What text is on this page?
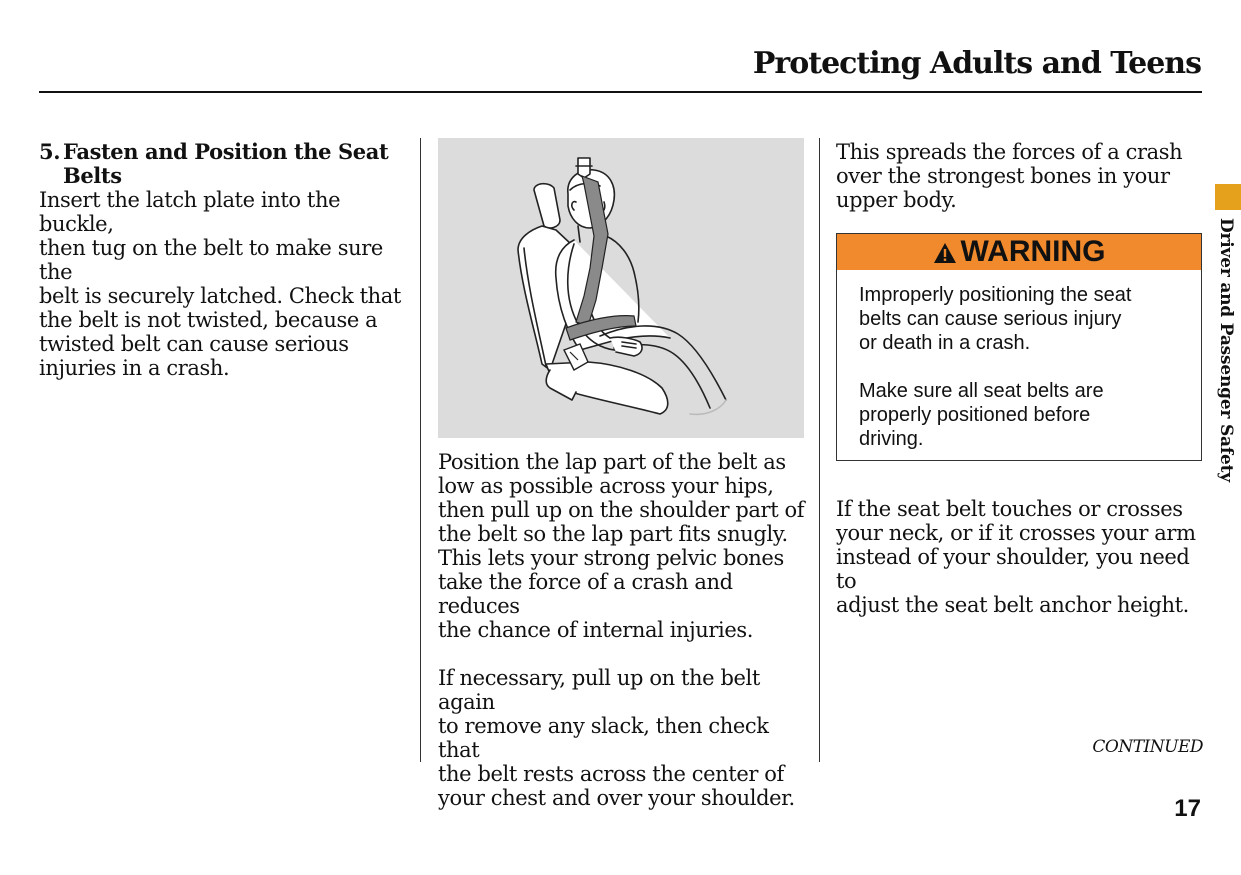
Protecting Adults and Teens
Driver and Passenger Safety
5. Fasten and Position the Seat
Belts

Insert the latch plate into the buckle,

then tug on the belt to make sure the

belt is securely latched. Check that

the belt is not twisted, because a

twisted belt can cause serious

injuries in a crash.

Position the lap part of the belt as

low as possible across your hips,

then pull up on the shoulder part of

the belt so the lap part fits snugly.

This lets your strong pelvic bones

take the force of a crash and reduces

the chance of internal injuries.

If necessary, pull up on the belt again

to remove any slack, then check that

the belt rests across the center of

your chest and over your shoulder.

This spreads the forces of a crash

over the strongest bones in your

upper body.

WARNING

Improperly positioning the seat

belts can cause serious injury

or death in a crash.

Make sure all seat belts are

properly positioned before

driving.

If the seat belt touches or crosses

your neck, or if it crosses your arm

instead of your shoulder, you need to

adjust the seat belt anchor height.

CONTINUED
17
